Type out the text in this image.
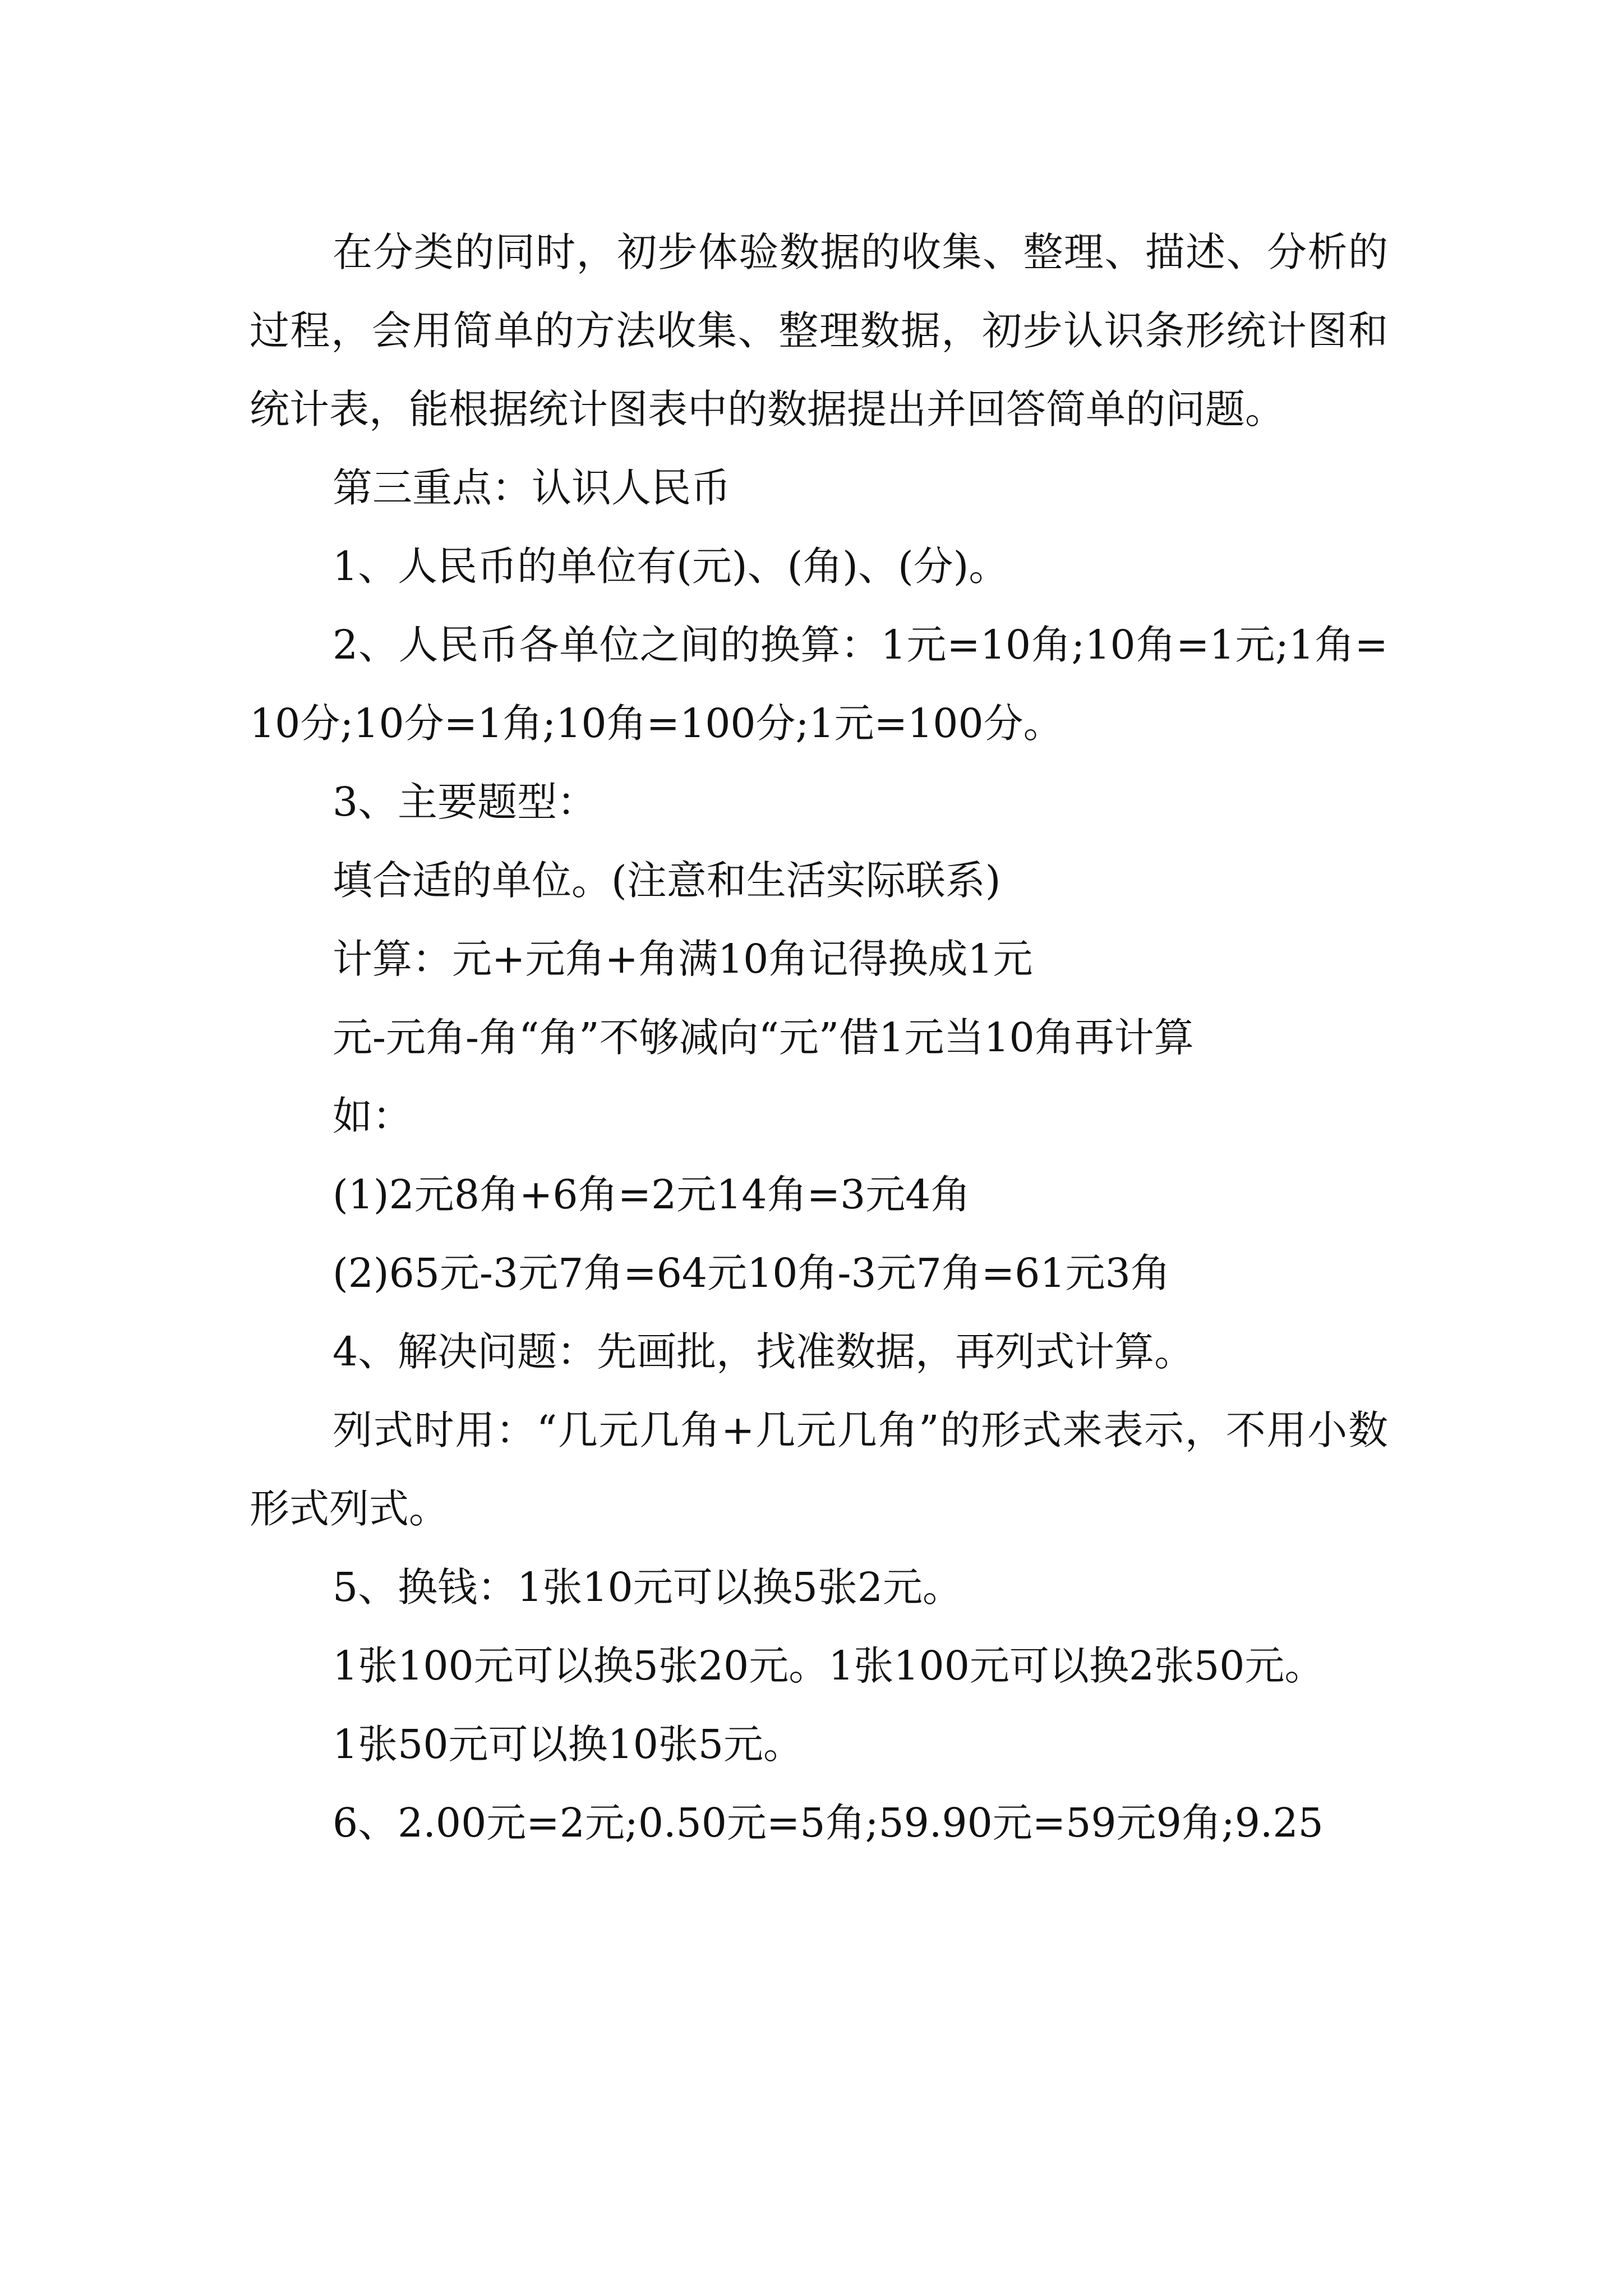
在分类的同时，初步体验数据的收集、整理、描述、分析的过程，会用简单的方法收集、整理数据，初步认识条形统计图和统计表，能根据统计图表中的数据提出并回答简单的问题。

第三重点：认识人民币

1、人民币的单位有(元)、(角)、(分)。

2、人民币各单位之间的换算：1元=10角;10角=1元;1角=10分;10分=1角;10角=100分;1元=100分。

3、主要题型：

填合适的单位。(注意和生活实际联系)

计算：元+元角+角满10角记得换成1元

元-元角-角“角”不够减向“元”借1元当10角再计算

如：

(1)2元8角+6角=2元14角=3元4角

(2)65元-3元7角=64元10角-3元7角=61元3角

4、解决问题：先画批，找准数据，再列式计算。

列式时用：“几元几角+几元几角”的形式来表示，不用小数形式列式。

5、换钱：1张10元可以换5张2元。

1张100元可以换5张20元。1张100元可以换2张50元。

1张50元可以换10张5元。

6、2.00元=2元;0.50元=5角;59.90元=59元9角;9.25
